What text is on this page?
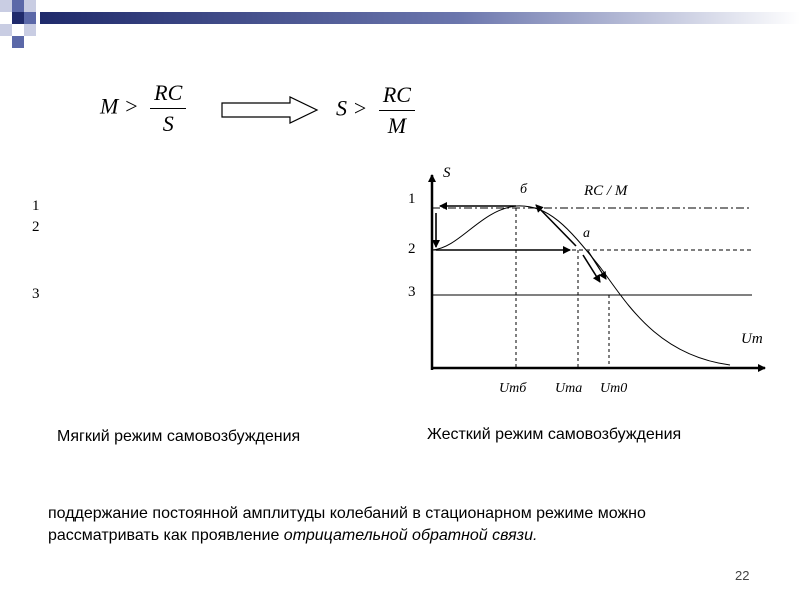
$M > \frac{RC}{S}$	$S > \frac{RC}{M}$
1
2
3
S
Um
1
2
3
б
а
RC / M
Umб Umа Um0
Мягкий режим самовозбуждения	Жесткий режим самовозбуждения
поддержание постоянной амплитуды колебаний в стационарном режиме можно рассматривать как проявление отрицательной обратной связи.
22
